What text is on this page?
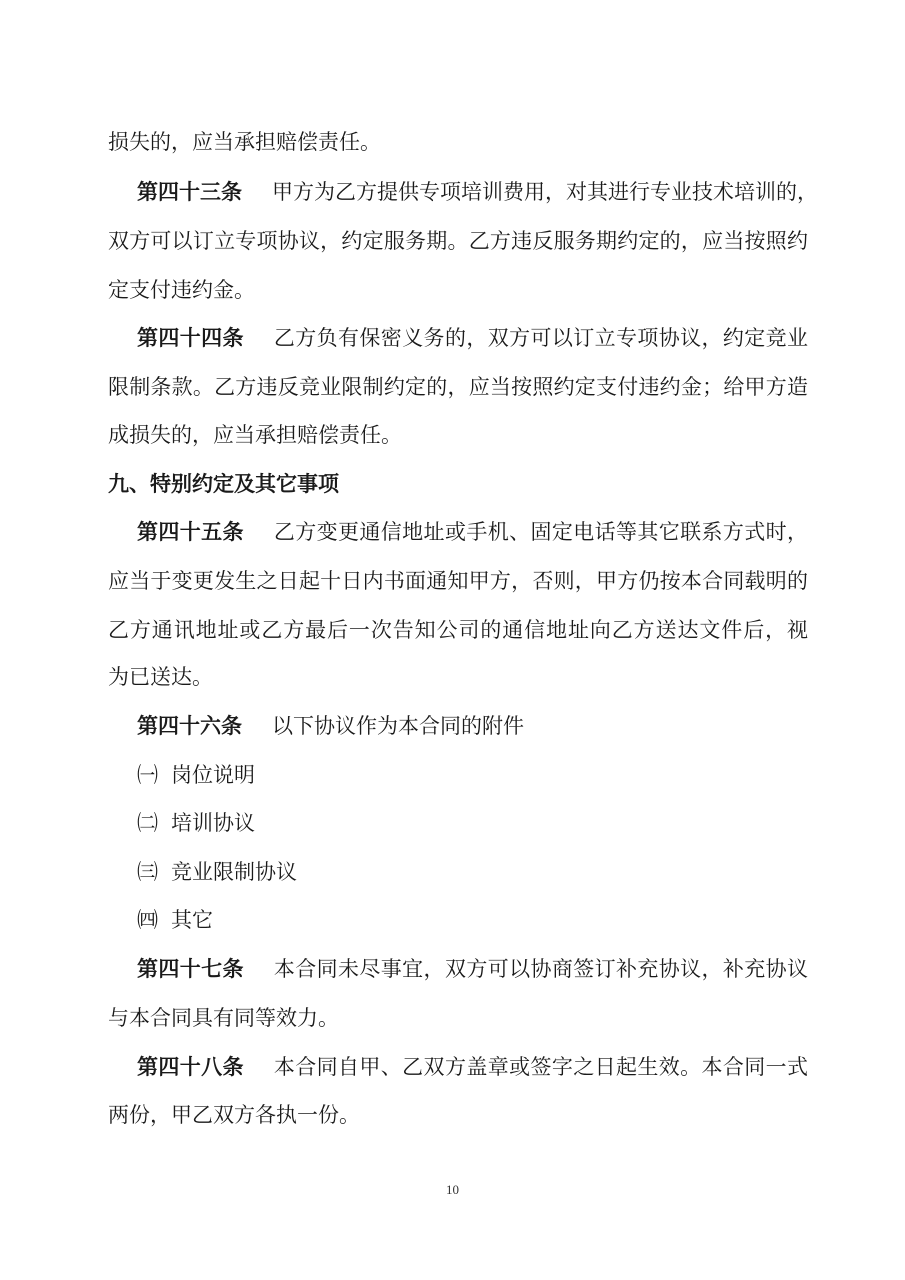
损失的，应当承担赔偿责任。
第四十三条 甲方为乙方提供专项培训费用，对其进行专业技术培训的，
双方可以订立专项协议，约定服务期。乙方违反服务期约定的，应当按照约
定支付违约金。
第四十四条 乙方负有保密义务的，双方可以订立专项协议，约定竞业
限制条款。乙方违反竞业限制约定的，应当按照约定支付违约金；给甲方造
成损失的，应当承担赔偿责任。
九、特别约定及其它事项
第四十五条 乙方变更通信地址或手机、固定电话等其它联系方式时，
应当于变更发生之日起十日内书面通知甲方，否则，甲方仍按本合同载明的
乙方通讯地址或乙方最后一次告知公司的通信地址向乙方送达文件后，视
为已送达。
第四十六条 以下协议作为本合同的附件
㈠ 岗位说明
㈡ 培训协议
㈢ 竞业限制协议
㈣ 其它
第四十七条 本合同未尽事宜，双方可以协商签订补充协议，补充协议
与本合同具有同等效力。
第四十八条 本合同自甲、乙双方盖章或签字之日起生效。本合同一式
两份，甲乙双方各执一份。
10
